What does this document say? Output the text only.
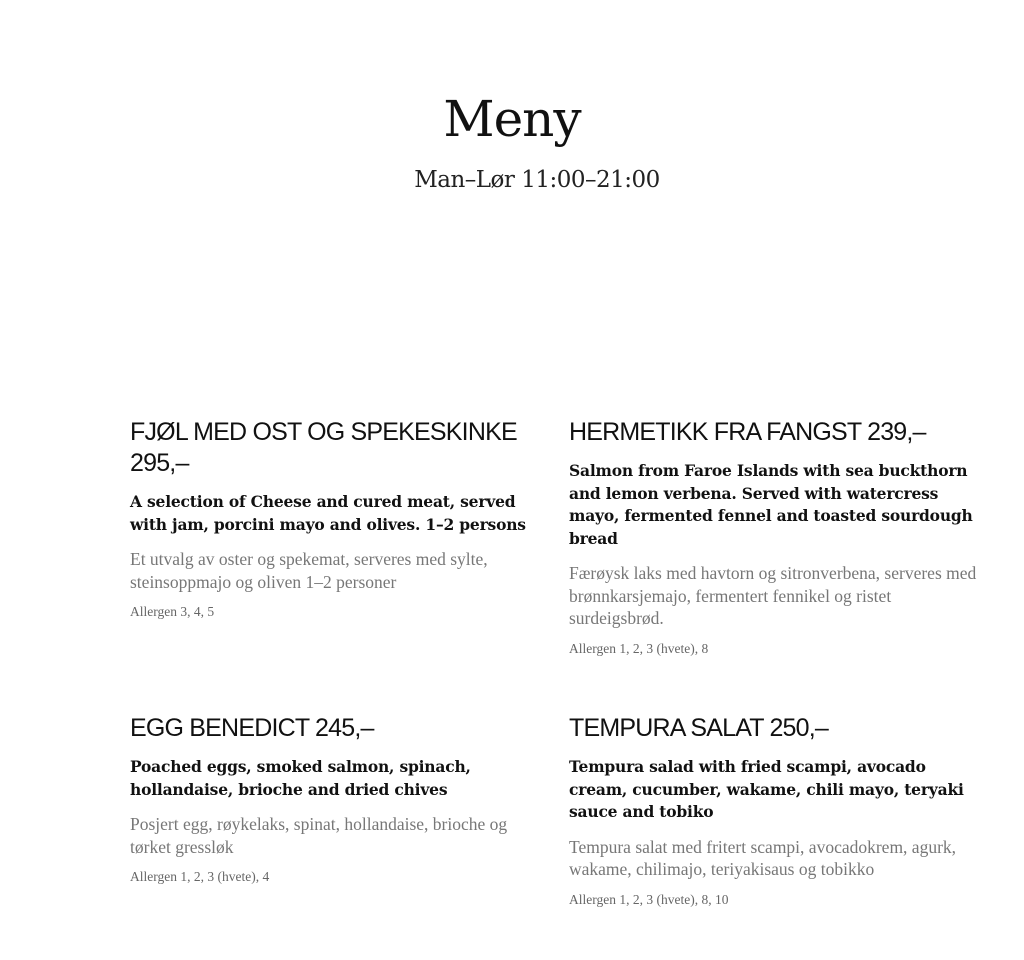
Meny
Man–Lør 11:00–21:00
FJØL MED OST OG SPEKESKINKE 295,–

A selection of Cheese and cured meat, served with jam, porcini mayo and olives. 1–2 persons

Et utvalg av oster og spekemat, serveres med sylte, steinsoppmajo og oliven 1–2 personer

Allergen 3, 4, 5

HERMETIKK FRA FANGST 239,–

Salmon from Faroe Islands with sea buckthorn and lemon verbena. Served with watercress mayo, fermented fennel and toasted sourdough bread

Færøysk laks med havtorn og sitronverbena, serveres med brønnkarsjemajo, fermentert fennikel og ristet surdeigsbrød.

Allergen 1, 2, 3 (hvete), 8

EGG BENEDICT 245,–

Poached eggs, smoked salmon, spinach, hollandaise, brioche and dried chives

Posjert egg, røykelaks, spinat, hollandaise, brioche og tørket gressløk

Allergen 1, 2, 3 (hvete), 4

TEMPURA SALAT 250,–

Tempura salad with fried scampi, avocado cream, cucumber, wakame, chili mayo, teryaki sauce and tobiko

Tempura salat med fritert scampi, avocadokrem, agurk, wakame, chilimajo, teriyakisaus og tobikko

Allergen 1, 2, 3 (hvete), 8, 10
